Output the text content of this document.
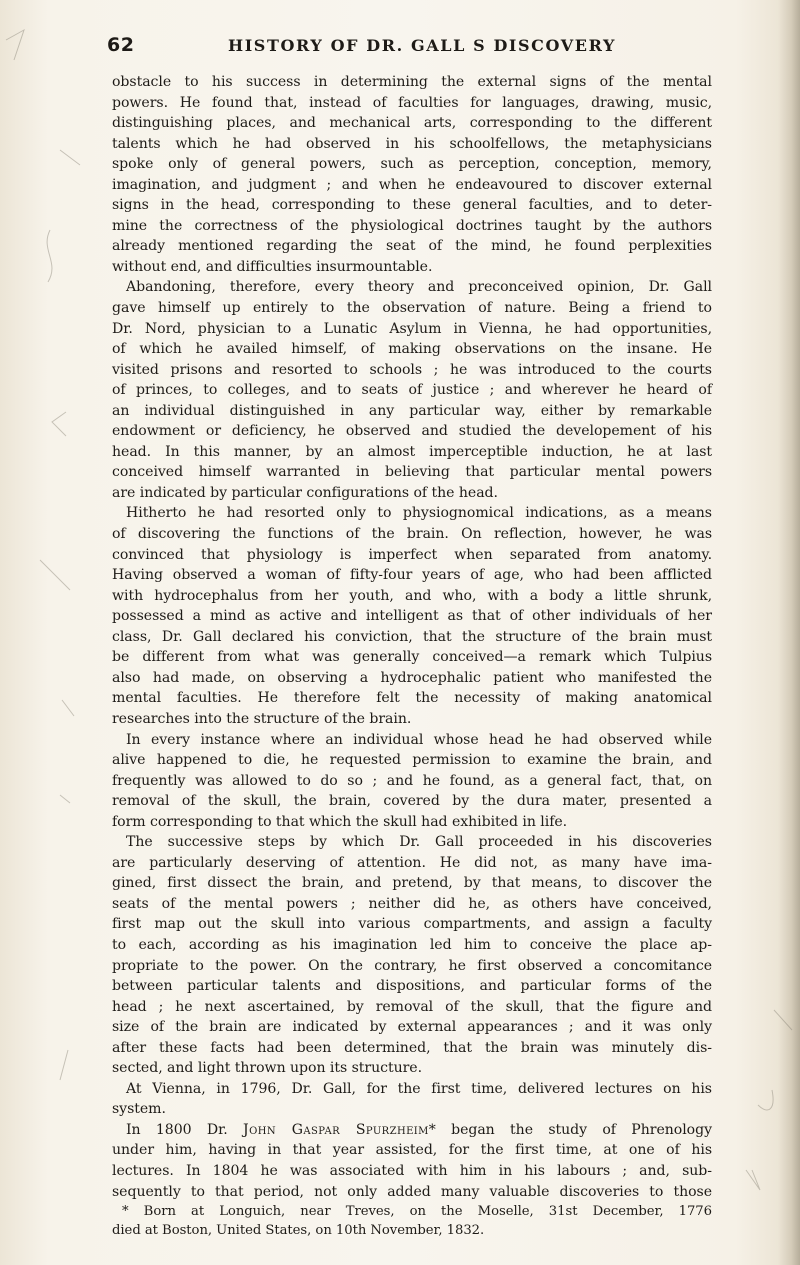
62	HISTORY OF DR. GALL S DISCOVERY
obstacle to his success in determining the external signs of the mental
powers. He found that, instead of faculties for languages, drawing, music,
distinguishing places, and mechanical arts, corresponding to the different
talents which he had observed in his schoolfellows, the metaphysicians
spoke only of general powers, such as perception, conception, memory,
imagination, and judgment ; and when he endeavoured to discover external
signs in the head, corresponding to these general faculties, and to deter-
mine the correctness of the physiological doctrines taught by the authors
already mentioned regarding the seat of the mind, he found perplexities
without end, and difficulties insurmountable.
Abandoning, therefore, every theory and preconceived opinion, Dr. Gall
gave himself up entirely to the observation of nature. Being a friend to
Dr. Nord, physician to a Lunatic Asylum in Vienna, he had opportunities,
of which he availed himself, of making observations on the insane. He
visited prisons and resorted to schools ; he was introduced to the courts
of princes, to colleges, and to seats of justice ; and wherever he heard of
an individual distinguished in any particular way, either by remarkable
endowment or deficiency, he observed and studied the developement of his
head. In this manner, by an almost imperceptible induction, he at last
conceived himself warranted in believing that particular mental powers
are indicated by particular configurations of the head.
Hitherto he had resorted only to physiognomical indications, as a means
of discovering the functions of the brain. On reflection, however, he was
convinced that physiology is imperfect when separated from anatomy.
Having observed a woman of fifty-four years of age, who had been afflicted
with hydrocephalus from her youth, and who, with a body a little shrunk,
possessed a mind as active and intelligent as that of other individuals of her
class, Dr. Gall declared his conviction, that the structure of the brain must
be different from what was generally conceived—a remark which Tulpius
also had made, on observing a hydrocephalic patient who manifested the
mental faculties. He therefore felt the necessity of making anatomical
researches into the structure of the brain.
In every instance where an individual whose head he had observed while
alive happened to die, he requested permission to examine the brain, and
frequently was allowed to do so ; and he found, as a general fact, that, on
removal of the skull, the brain, covered by the dura mater, presented a
form corresponding to that which the skull had exhibited in life.
The successive steps by which Dr. Gall proceeded in his discoveries
are particularly deserving of attention. He did not, as many have ima-
gined, first dissect the brain, and pretend, by that means, to discover the
seats of the mental powers ; neither did he, as others have conceived,
first map out the skull into various compartments, and assign a faculty
to each, according as his imagination led him to conceive the place ap-
propriate to the power. On the contrary, he first observed a concomitance
between particular talents and dispositions, and particular forms of the
head ; he next ascertained, by removal of the skull, that the figure and
size of the brain are indicated by external appearances ; and it was only
after these facts had been determined, that the brain was minutely dis-
sected, and light thrown upon its structure.
At Vienna, in 1796, Dr. Gall, for the first time, delivered lectures on his
system.
In 1800 Dr. John Gaspar Spurzheim* began the study of Phrenology
under him, having in that year assisted, for the first time, at one of his
lectures. In 1804 he was associated with him in his labours ; and, sub-
sequently to that period, not only added many valuable discoveries to those
* Born at Longuich, near Treves, on the Moselle, 31st December, 1776
died at Boston, United States, on 10th November, 1832.
